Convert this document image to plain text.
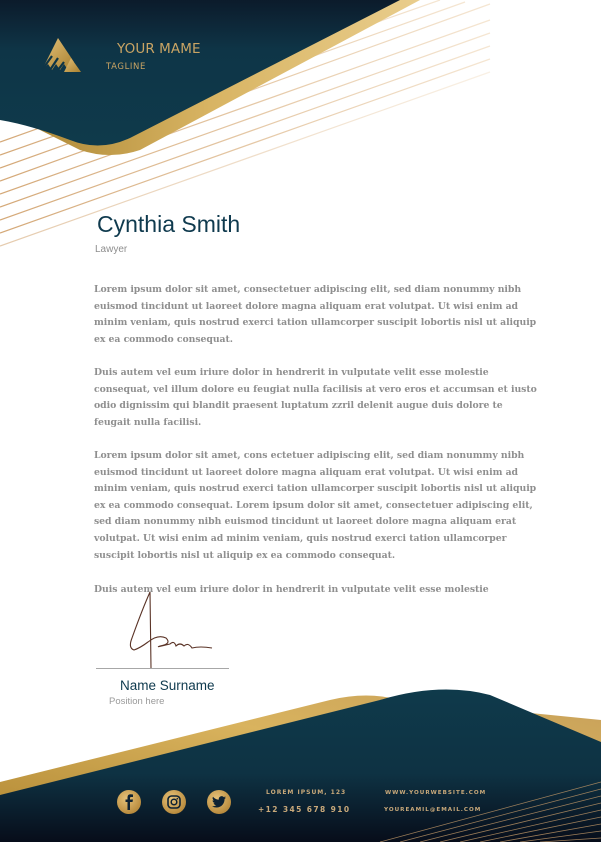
YOUR MAME
TAGLINE
Cynthia Smith
Lawyer

Lorem ipsum dolor sit amet, consectetuer adipiscing elit, sed diam nonummy nibh euismod tincidunt ut laoreet dolore magna aliquam erat volutpat. Ut wisi enim ad minim veniam, quis nostrud exerci tation ullamcorper suscipit lobortis nisl ut aliquip ex ea commodo consequat.

Duis autem vel eum iriure dolor in hendrerit in vulputate velit esse molestie consequat, vel illum dolore eu feugiat nulla facilisis at vero eros et accumsan et iusto odio dignissim qui blandit praesent luptatum zzril delenit augue duis dolore te feugait nulla facilisi.

Lorem ipsum dolor sit amet, cons ectetuer adipiscing elit, sed diam nonummy nibh euismod tincidunt ut laoreet dolore magna aliquam erat volutpat. Ut wisi enim ad minim veniam, quis nostrud exerci tation ullamcorper suscipit lobortis nisl ut aliquip ex ea commodo consequat. Lorem ipsum dolor sit amet, consectetuer adipiscing elit, sed diam nonummy nibh euismod tincidunt ut laoreet dolore magna aliquam erat volutpat. Ut wisi enim ad minim veniam, quis nostrud exerci tation ullamcorper suscipit lobortis nisl ut aliquip ex ea commodo consequat.

Duis autem vel eum iriure dolor in hendrerit in vulputate velit esse molestie

Name Surname
Position here
LOREM IPSUM, 123
+12 345 678 910
WWW.YOURWEBSITE.COM
YOUREAMIL@EMAIL.COM
